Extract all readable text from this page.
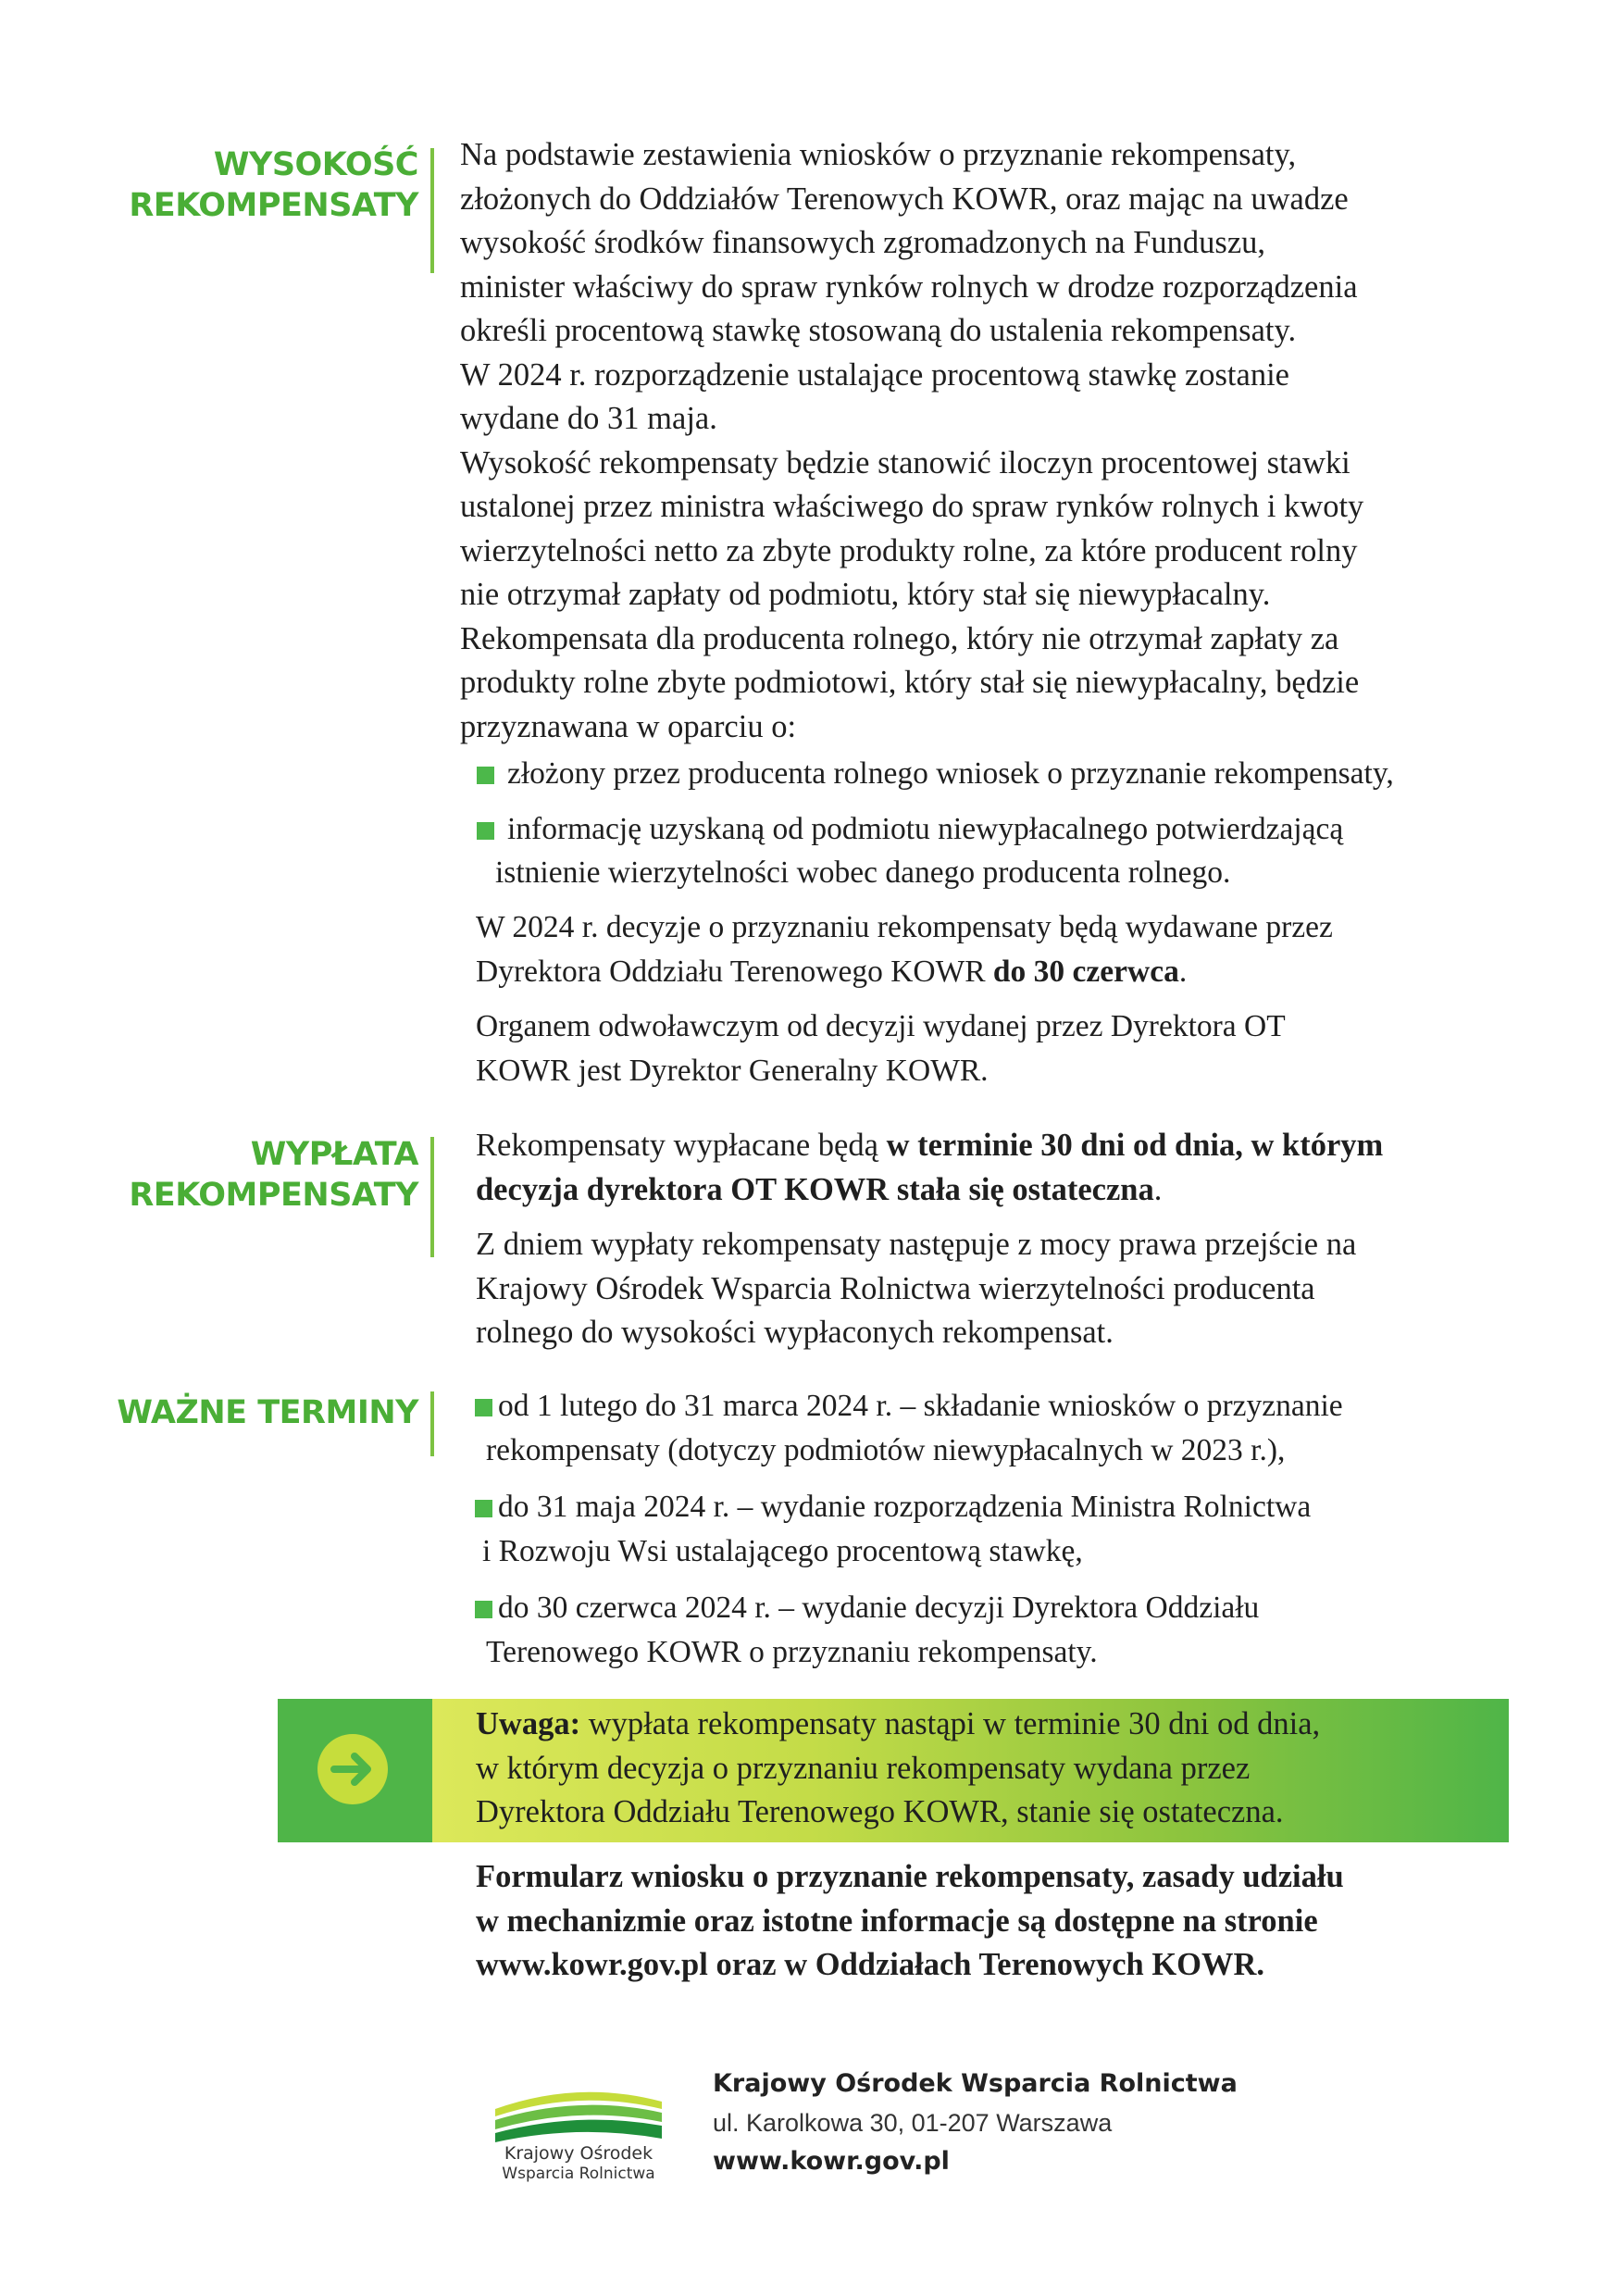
WYSOKOŚĆ
REKOMPENSATY
Na podstawie zestawienia wniosków o przyznanie rekompensaty,
złożonych do Oddziałów Terenowych KOWR, oraz mając na uwadze
wysokość środków finansowych zgromadzonych na Funduszu,
minister właściwy do spraw rynków rolnych w drodze rozporządzenia
określi procentową stawkę stosowaną do ustalenia rekompensaty.
W 2024 r. rozporządzenie ustalające procentową stawkę zostanie
wydane do 31 maja.
Wysokość rekompensaty będzie stanowić iloczyn procentowej stawki
ustalonej przez ministra właściwego do spraw rynków rolnych i kwoty
wierzytelności netto za zbyte produkty rolne, za które producent rolny
nie otrzymał zapłaty od podmiotu, który stał się niewypłacalny.
Rekompensata dla producenta rolnego, który nie otrzymał zapłaty za
produkty rolne zbyte podmiotowi, który stał się niewypłacalny, będzie
przyznawana w oparciu o:
złożony przez producenta rolnego wniosek o przyznanie rekompensaty,
informację uzyskaną od podmiotu niewypłacalnego potwierdzającą
istnienie wierzytelności wobec danego producenta rolnego.
W 2024 r. decyzje o przyznaniu rekompensaty będą wydawane przez
Dyrektora Oddziału Terenowego KOWR do 30 czerwca.
Organem odwoławczym od decyzji wydanej przez Dyrektora OT
KOWR jest Dyrektor Generalny KOWR.
WYPŁATA
REKOMPENSATY
Rekompensaty wypłacane będą w terminie 30 dni od dnia, w którym
decyzja dyrektora OT KOWR stała się ostateczna.
Z dniem wypłaty rekompensaty następuje z mocy prawa przejście na
Krajowy Ośrodek Wsparcia Rolnictwa wierzytelności producenta
rolnego do wysokości wypłaconych rekompensat.
WAŻNE TERMINY	od 1 lutego do 31 marca 2024 r. – składanie wniosków o przyznanie
rekompensaty (dotyczy podmiotów niewypłacalnych w 2023 r.),
do 31 maja 2024 r. – wydanie rozporządzenia Ministra Rolnictwa
i Rozwoju Wsi ustalającego procentową stawkę,
do 30 czerwca 2024 r. – wydanie decyzji Dyrektora Oddziału
Terenowego KOWR o przyznaniu rekompensaty.
Uwaga: wypłata rekompensaty nastąpi w terminie 30 dni od dnia,
w którym decyzja o przyznaniu rekompensaty wydana przez
Dyrektora Oddziału Terenowego KOWR, stanie się ostateczna.
Formularz wniosku o przyznanie rekompensaty, zasady udziału
w mechanizmie oraz istotne informacje są dostępne na stronie
www.kowr.gov.pl oraz w Oddziałach Terenowych KOWR.
Krajowy Ośrodek
Wsparcia Rolnictwa
Krajowy Ośrodek Wsparcia Rolnictwa
ul. Karolkowa 30, 01-207 Warszawa
www.kowr.gov.pl
